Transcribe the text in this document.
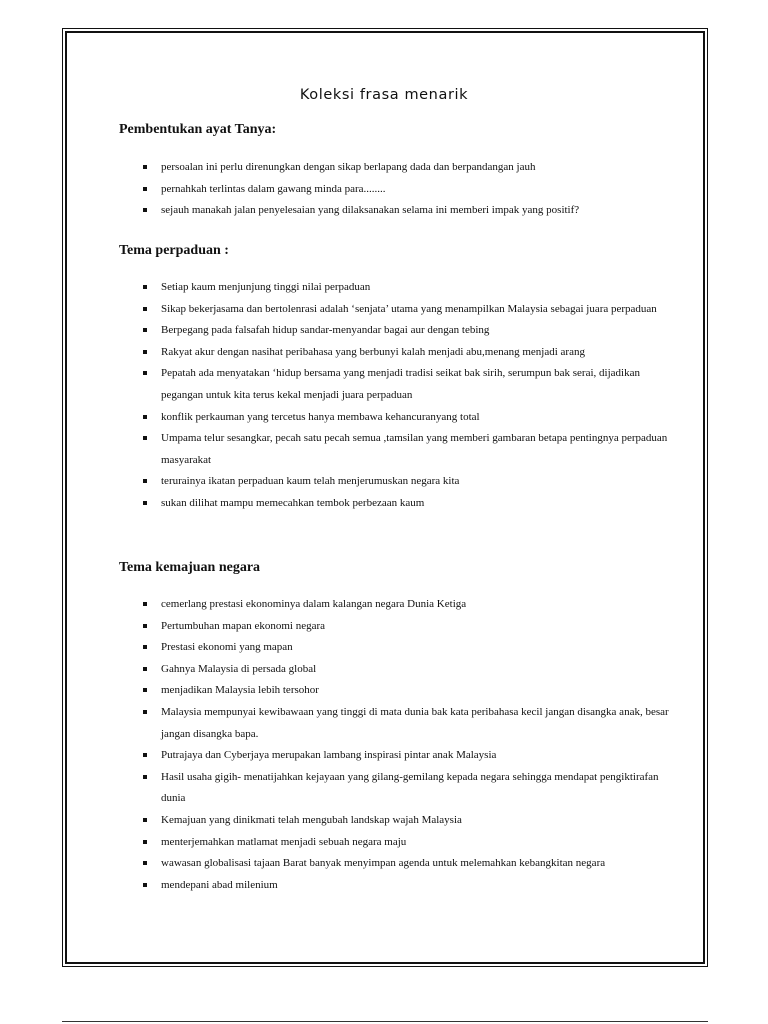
Koleksi frasa menarik
Pembentukan ayat Tanya:
persoalan ini perlu direnungkan dengan sikap berlapang dada dan berpandangan jauh
pernahkah terlintas dalam gawang minda para........
sejauh manakah jalan penyelesaian yang dilaksanakan selama ini memberi impak yang positif?
Tema perpaduan :
Setiap kaum menjunjung tinggi nilai perpaduan
Sikap bekerjasama dan bertolenrasi adalah ‘senjata’ utama yang menampilkan Malaysia sebagai juara perpaduan
Berpegang pada falsafah hidup sandar-menyandar bagai aur dengan tebing
Rakyat akur dengan nasihat peribahasa yang berbunyi kalah menjadi abu,menang menjadi arang
Pepatah ada menyatakan ‘hidup bersama yang menjadi tradisi seikat bak sirih, serumpun bak serai, dijadikan pegangan untuk kita terus kekal menjadi juara perpaduan
konflik perkauman yang tercetus hanya membawa kehancuranyang total
Umpama telur sesangkar, pecah satu pecah semua ,tamsilan yang memberi gambaran betapa pentingnya perpaduan masyarakat
terurainya ikatan perpaduan kaum telah menjerumuskan negara kita
sukan dilihat mampu memecahkan tembok perbezaan kaum
Tema kemajuan negara
cemerlang prestasi ekonominya dalam kalangan negara Dunia Ketiga
Pertumbuhan mapan ekonomi negara
Prestasi ekonomi yang mapan
Gahnya Malaysia di persada global
menjadikan Malaysia lebih tersohor
Malaysia mempunyai kewibawaan yang tinggi di mata dunia bak kata peribahasa kecil jangan disangka anak, besar jangan disangka bapa.
Putrajaya dan Cyberjaya merupakan lambang inspirasi pintar anak Malaysia
Hasil usaha gigih- menatijahkan kejayaan yang gilang-gemilang kepada negara sehingga mendapat pengiktirafan dunia
Kemajuan yang dinikmati telah mengubah landskap wajah Malaysia
menterjemahkan matlamat menjadi sebuah negara maju
wawasan globalisasi tajaan Barat banyak menyimpan agenda untuk melemahkan kebangkitan negara
mendepani abad milenium
